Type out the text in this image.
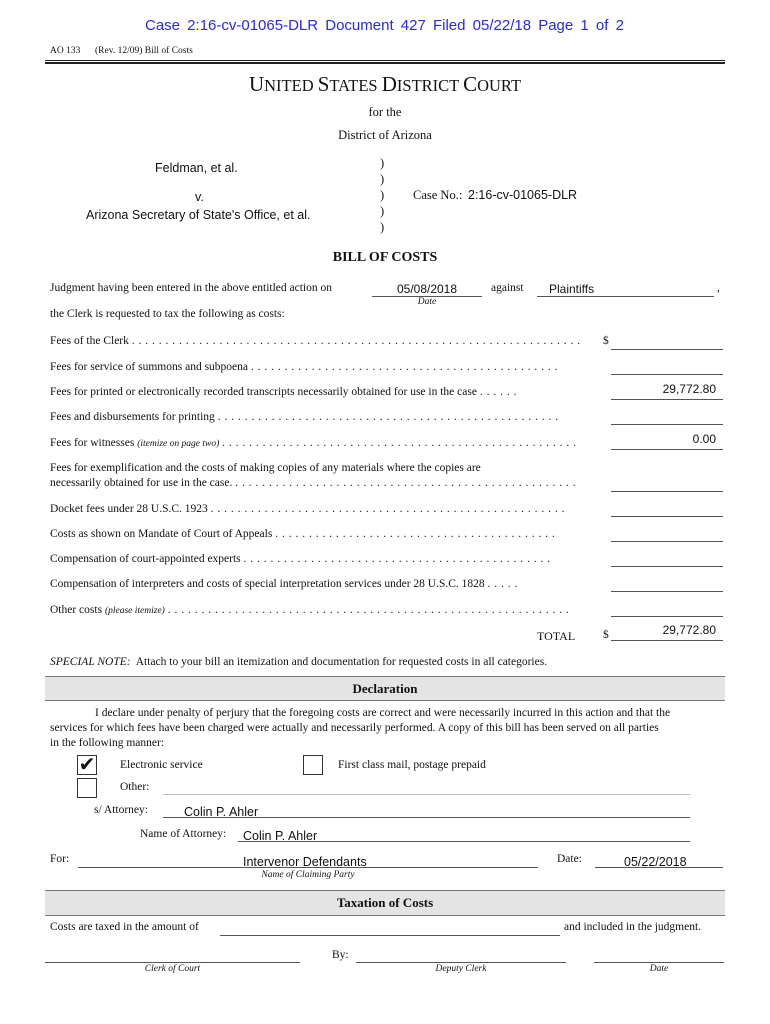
Case 2:16-cv-01065-DLR Document 427 Filed 05/22/18 Page 1 of 2
AO 133 (Rev. 12/09) Bill of Costs
UNITED STATES DISTRICT COURT
for the
District of Arizona
Feldman, et al.
v.
Arizona Secretary of State's Office, et al.
)
)
)
)
)
Case No.: 2:16-cv-01065-DLR
BILL OF COSTS
Judgment having been entered in the above entitled action on	05/08/2018
Date
against Plaintiffs	,
the Clerk is requested to tax the following as costs:
Fees of the Clerk . . . . . . . . . . . . . . . . . . . . . . . . . . . . . . . . . . . . . . . . . . . . . . . . . . . . . . . . . . . . . . . . . . . $
Fees for service of summons and subpoena . . . . . . . . . . . . . . . . . . . . . . . . . . . . . . . . . . . . . . . . . . . . . .
Fees for printed or electronically recorded transcripts necessarily obtained for use in the case . . . . . .	29,772.80
Fees and disbursements for printing . . . . . . . . . . . . . . . . . . . . . . . . . . . . . . . . . . . . . . . . . . . . . . . . . . .
Fees for witnesses (itemize on page two) . . . . . . . . . . . . . . . . . . . . . . . . . . . . . . . . . . . . . . . . . . . . . . . . . . . . .	0.00
Fees for exemplification and the costs of making copies of any materials where the copies are
necessarily obtained for use in the case. . . . . . . . . . . . . . . . . . . . . . . . . . . . . . . . . . . . . . . . . . . . . . . . . . . .
Docket fees under 28 U.S.C. 1923 . . . . . . . . . . . . . . . . . . . . . . . . . . . . . . . . . . . . . . . . . . . . . . . . . . . . .
Costs as shown on Mandate of Court of Appeals . . . . . . . . . . . . . . . . . . . . . . . . . . . . . . . . . . . . . . . . . .
Compensation of court-appointed experts . . . . . . . . . . . . . . . . . . . . . . . . . . . . . . . . . . . . . . . . . . . . . .
Compensation of interpreters and costs of special interpretation services under 28 U.S.C. 1828 . . . . .
Other costs (please itemize) . . . . . . . . . . . . . . . . . . . . . . . . . . . . . . . . . . . . . . . . . . . . . . . . . . . . . . . . . . . .
TOTAL $	29,772.80
SPECIAL NOTE: Attach to your bill an itemization and documentation for requested costs in all categories.
Declaration
I declare under penalty of perjury that the foregoing costs are correct and were necessarily incurred in this action and that the
services for which fees have been charged were actually and necessarily performed. A copy of this bill has been served on all parties
in the following manner:
✔ Electronic service	First class mail, postage prepaid
Other:
s/ Attorney:	Colin P. Ahler
Name of Attorney: Colin P. Ahler
For:	Intervenor Defendants
Name of Claiming Party
Date:	05/22/2018
Taxation of Costs
Costs are taxed in the amount of	and included in the judgment.
Clerk of Court
By:
Deputy Clerk	Date
